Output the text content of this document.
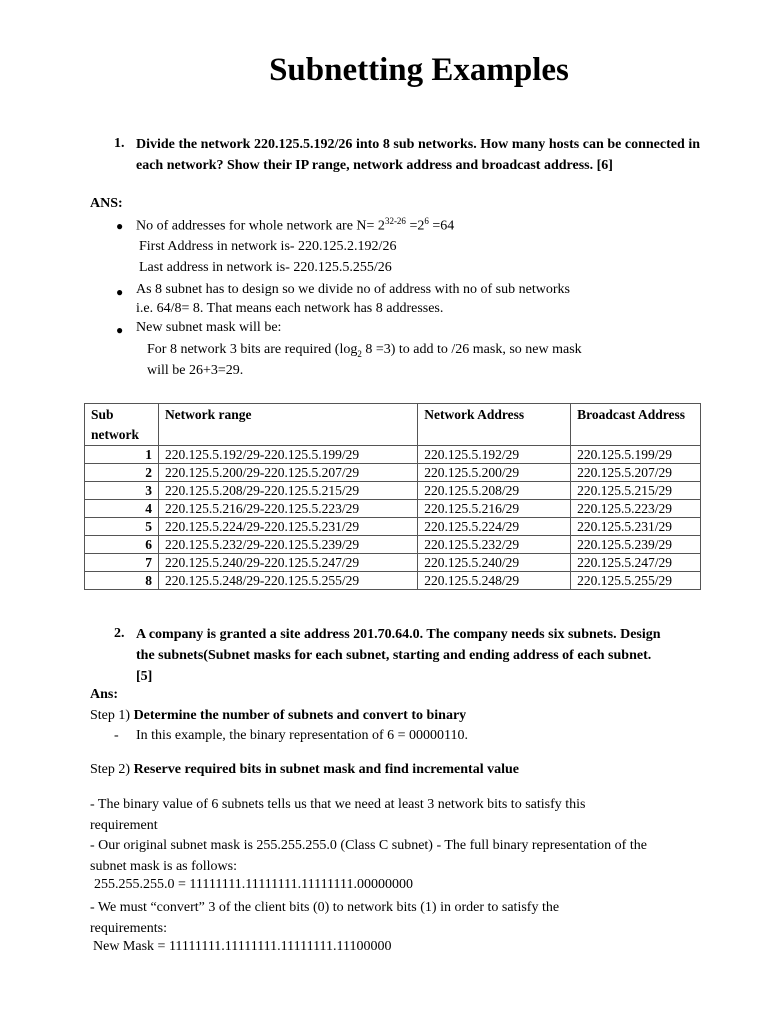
Subnetting Examples
1. Divide the network 220.125.5.192/26 into 8 sub networks. How many hosts can be connected in each network? Show their IP range, network address and broadcast address. [6]
ANS:
● No of addresses for whole network are $N= 2^{32-26} =2^6 =64$
First Address in network is- 220.125.2.192/26
Last address in network is- 220.125.5.255/26
● As 8 subnet has to design so we divide no of address with no of sub networks
i.e. 64/8= 8. That means each network has 8 addresses.
● New subnet mask will be:
For 8 network 3 bits are required ($\log_2$ 8 =3) to add to /26 mask, so new mask
will be 26+3=29.
Sub network	Network range	Network Address	Broadcast Address
1	220.125.5.192/29-220.125.5.199/29	220.125.5.192/29	220.125.5.199/29
2	220.125.5.200/29-220.125.5.207/29	220.125.5.200/29	220.125.5.207/29
3	220.125.5.208/29-220.125.5.215/29	220.125.5.208/29	220.125.5.215/29
4	220.125.5.216/29-220.125.5.223/29	220.125.5.216/29	220.125.5.223/29
5	220.125.5.224/29-220.125.5.231/29	220.125.5.224/29	220.125.5.231/29
6	220.125.5.232/29-220.125.5.239/29	220.125.5.232/29	220.125.5.239/29
7	220.125.5.240/29-220.125.5.247/29	220.125.5.240/29	220.125.5.247/29
8	220.125.5.248/29-220.125.5.255/29	220.125.5.248/29	220.125.5.255/29
2. A company is granted a site address 201.70.64.0. The company needs six subnets. Design the subnets(Subnet masks for each subnet, starting and ending address of each subnet. [5]
Ans:
Step 1) Determine the number of subnets and convert to binary
- In this example, the binary representation of 6 = 00000110.
Step 2) Reserve required bits in subnet mask and find incremental value
- The binary value of 6 subnets tells us that we need at least 3 network bits to satisfy this requirement
- Our original subnet mask is 255.255.255.0 (Class C subnet) - The full binary representation of the subnet mask is as follows:
255.255.255.0 = 11111111.11111111.11111111.00000000
- We must “convert” 3 of the client bits (0) to network bits (1) in order to satisfy the requirements:
New Mask = 11111111.11111111.11111111.11100000
